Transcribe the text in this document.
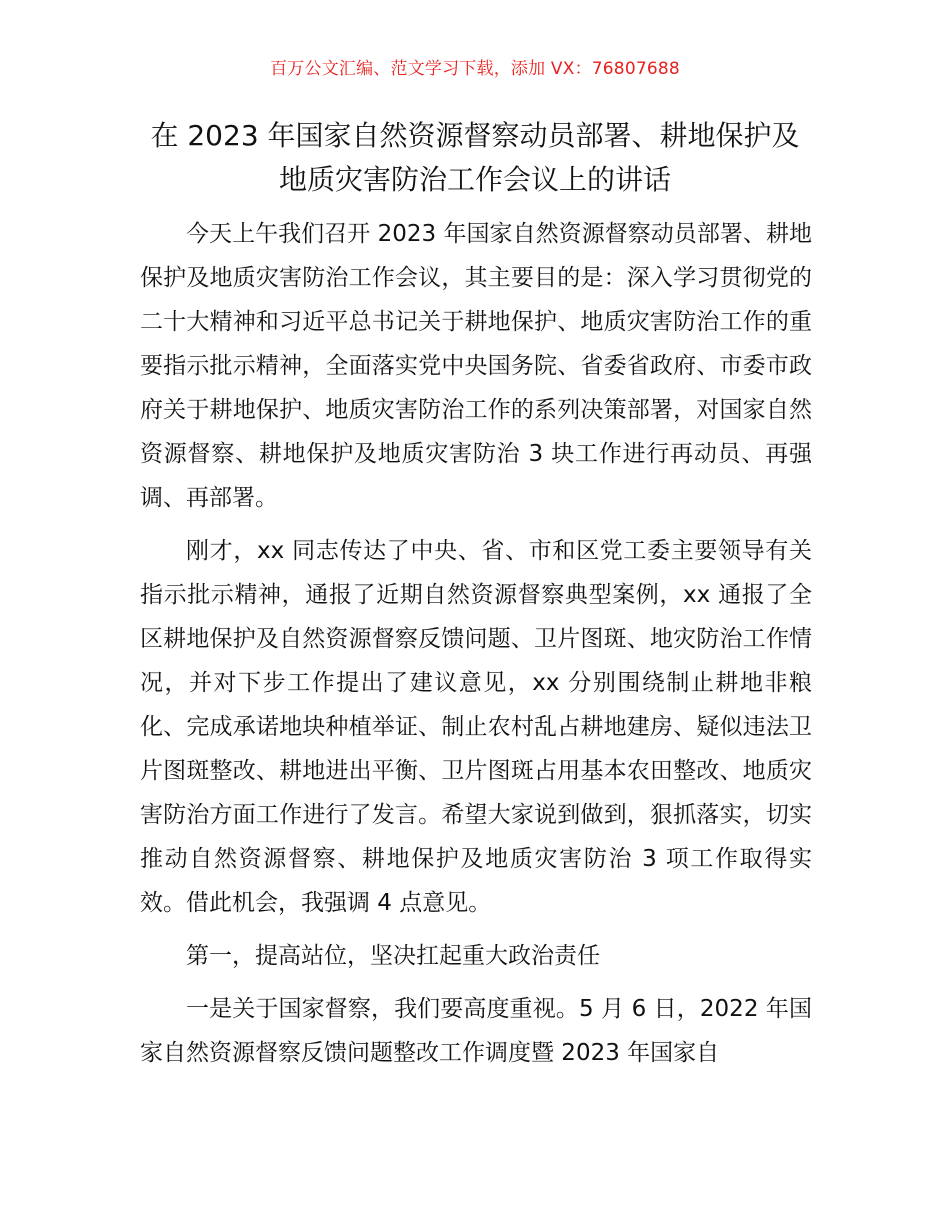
百万公文汇编、范文学习下载，添加 VX：76807688
在 2023 年国家自然资源督察动员部署、耕地保护及地质灾害防治工作会议上的讲话

今天上午我们召开 2023 年国家自然资源督察动员部署、耕地保护及地质灾害防治工作会议，其主要目的是：深入学习贯彻党的二十大精神和习近平总书记关于耕地保护、地质灾害防治工作的重要指示批示精神，全面落实党中央国务院、省委省政府、市委市政府关于耕地保护、地质灾害防治工作的系列决策部署，对国家自然资源督察、耕地保护及地质灾害防治 3 块工作进行再动员、再强调、再部署。

刚才，xx 同志传达了中央、省、市和区党工委主要领导有关指示批示精神，通报了近期自然资源督察典型案例，xx 通报了全区耕地保护及自然资源督察反馈问题、卫片图斑、地灾防治工作情况，并对下步工作提出了建议意见，xx 分别围绕制止耕地非粮化、完成承诺地块种植举证、制止农村乱占耕地建房、疑似违法卫片图斑整改、耕地进出平衡、卫片图斑占用基本农田整改、地质灾害防治方面工作进行了发言。希望大家说到做到，狠抓落实，切实推动自然资源督察、耕地保护及地质灾害防治 3 项工作取得实效。借此机会，我强调 4 点意见。

第一，提高站位，坚决扛起重大政治责任

一是关于国家督察，我们要高度重视。5 月 6 日，2022 年国家自然资源督察反馈问题整改工作调度暨 2023 年国家自
